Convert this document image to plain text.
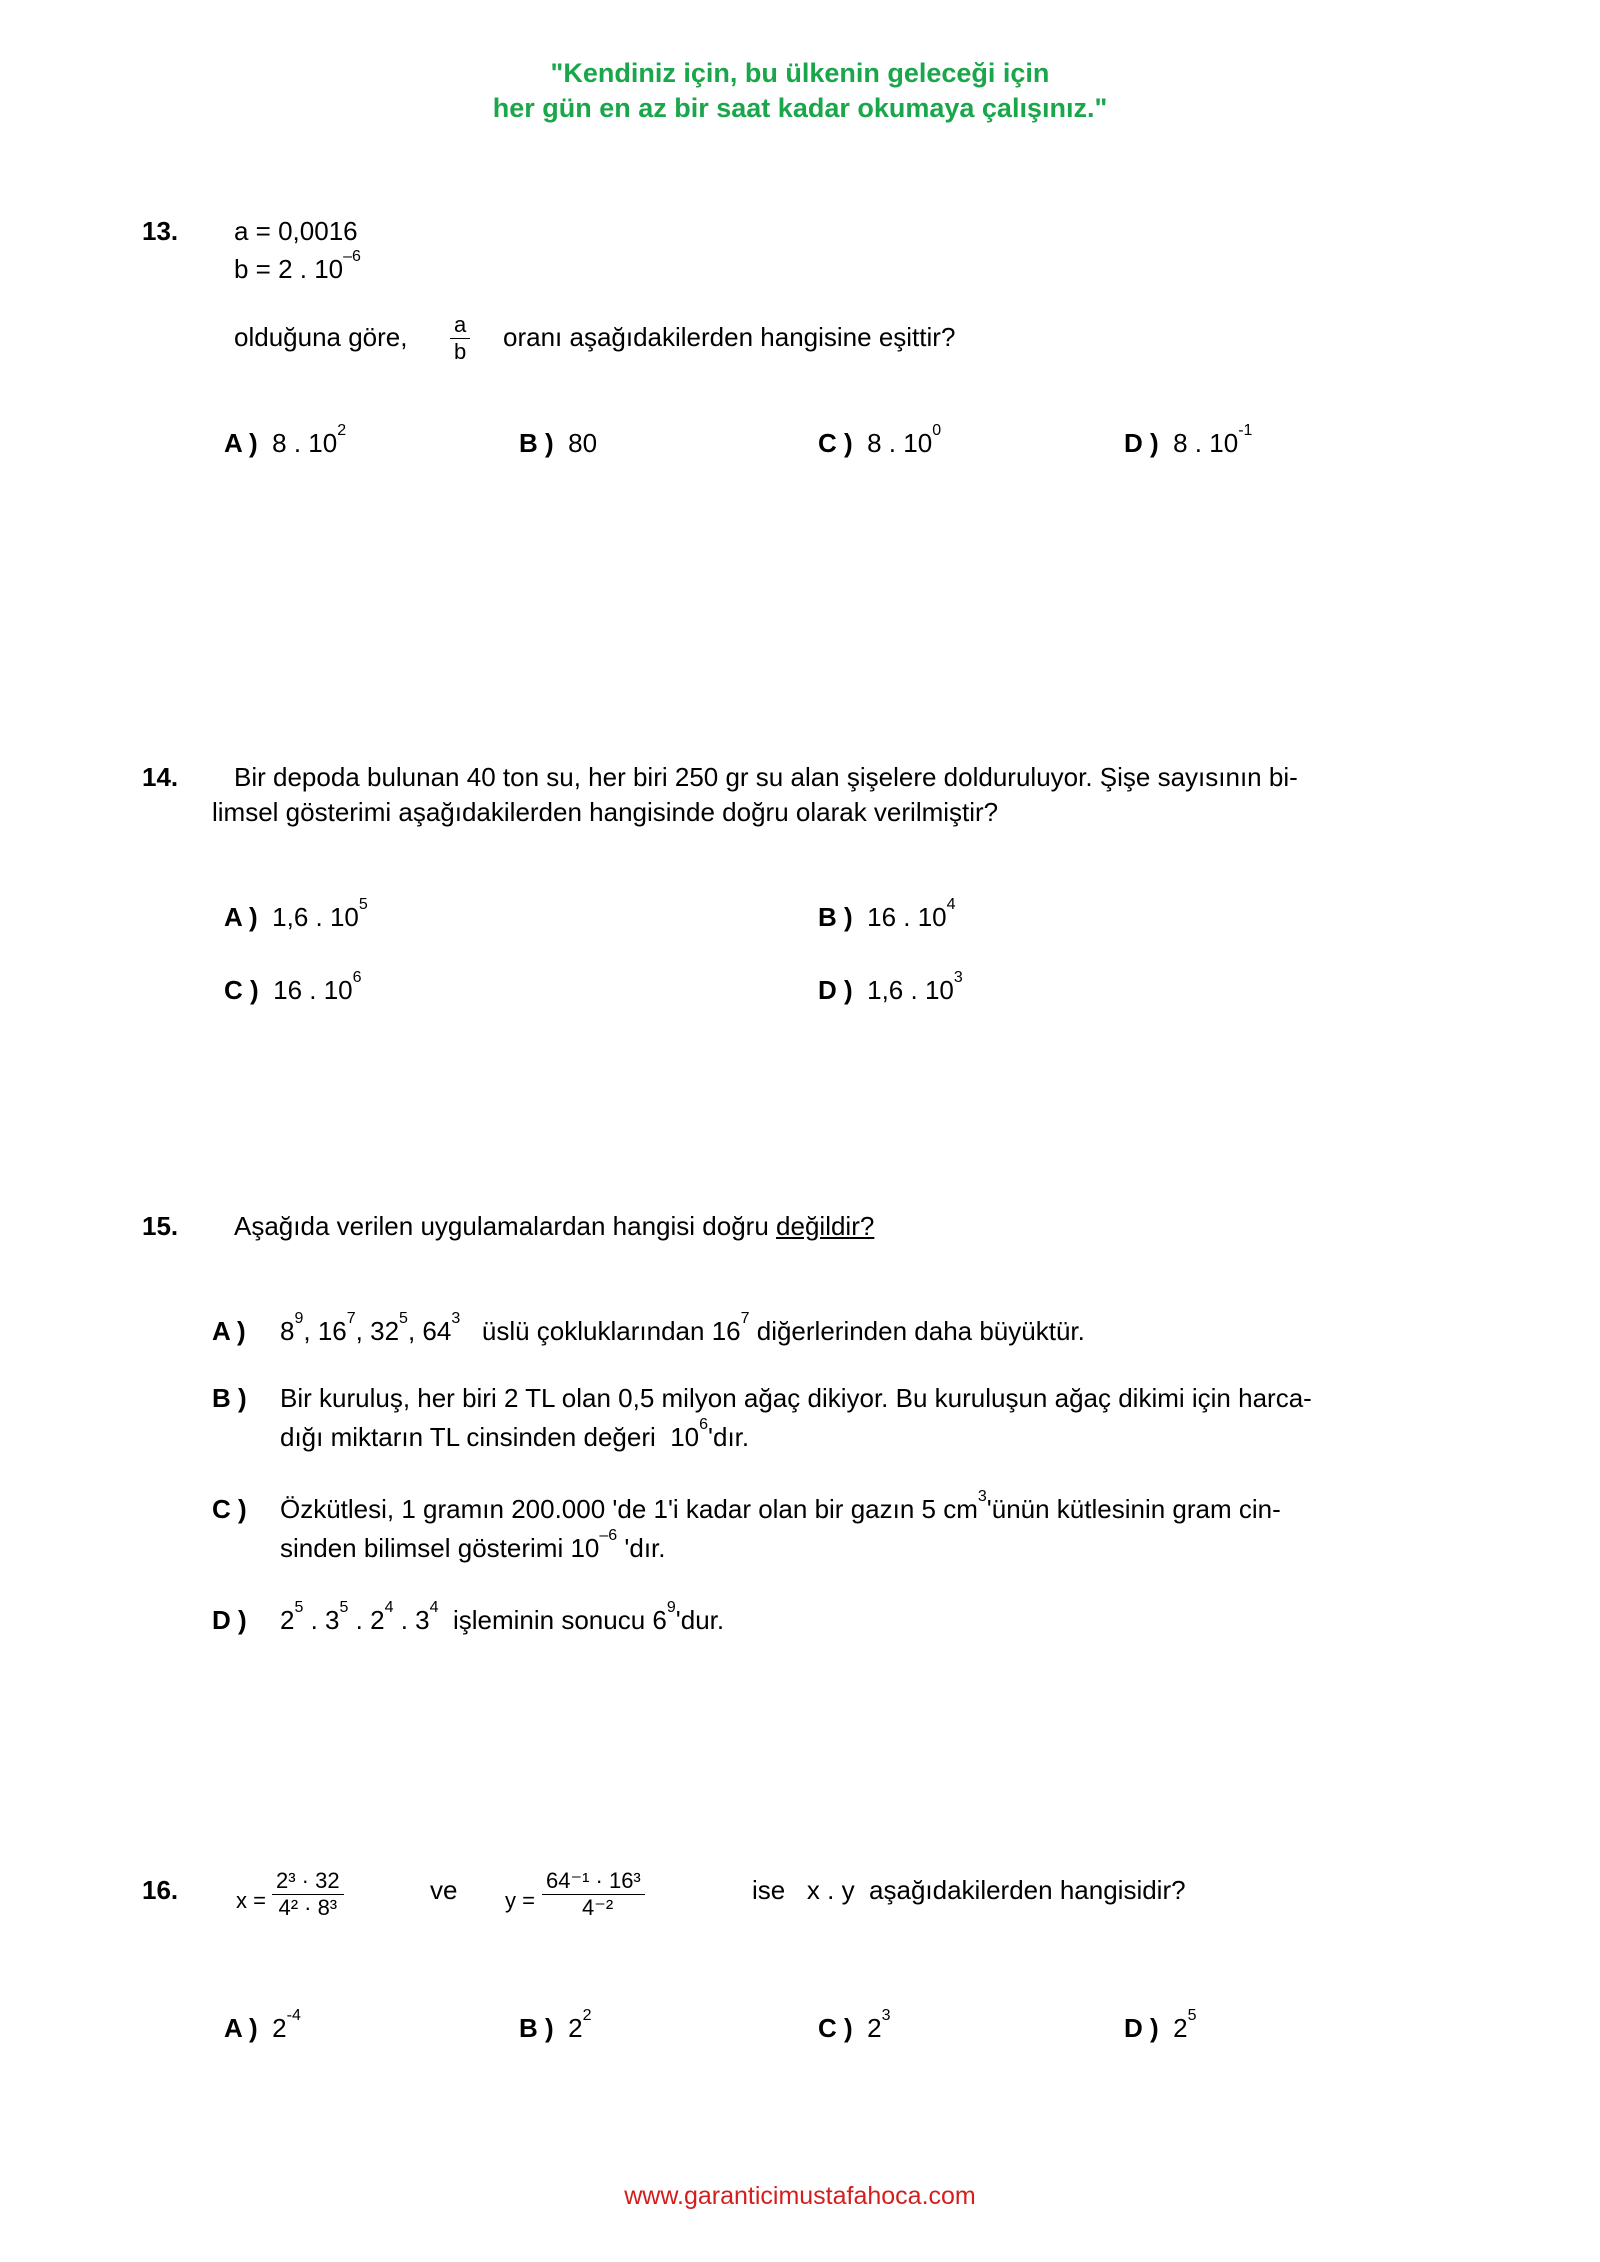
"Kendiniz için, bu ülkenin geleceği için
her gün en az bir saat kadar okumaya çalışınız."
13. a = 0,0016
b = 2 . $10^{-6}$
olduğuna göre, $\frac{a}{b}$ oranı aşağıdakilerden hangisine eşittir?
A ) 8 . $10^2$	B ) 80	C ) 8 . $10^0$	D ) 8 . $10^{-1}$
14. Bir depoda bulunan 40 ton su, her biri 250 gr su alan şişelere dolduruluyor. Şişe sayısının bi-
limsel gösterimi aşağıdakilerden hangisinde doğru olarak verilmiştir?
A ) 1,6 . $10^5$	B ) 16 . $10^4$
C ) 16 . $10^6$	D ) 1,6 . $10^3$
15. Aşağıda verilen uygulamalardan hangisi doğru değildir?
A ) $8^9$, $16^7$, $32^5$, $64^3$   üslü çokluklarından $16^7$ diğerlerinden daha büyüktür.
B ) Bir kuruluş, her biri 2 TL olan 0,5 milyon ağaç dikiyor. Bu kuruluşun ağaç dikimi için harca-
dığı miktarın TL cinsinden değeri  $10^6'dır$.
C ) Özkütlesi, 1 gramın 200.000 'de 1'i kadar olan bir gazın 5 $cm^3'ünün$ kütlesinin gram cin-
sinden bilimsel gösterimi $10^{-6}$ 'dır.
D ) $2^5$ . $3^5$ . $2^4$ . $3^4$  işleminin sonucu $6^9'dur$.
16.	$x = \frac{\text{2³ · 32}}{\text{4² · 8³}}$	ve $y = \frac{\text{64⁻¹ · 16³}}{\text{4⁻²}}$	ise   x . y  aşağıdakilerden hangisidir?
A ) $2^{-4}$	B ) $2^2$	C ) $2^3$	D ) $2^5$
www.garanticimustafahoca.com
